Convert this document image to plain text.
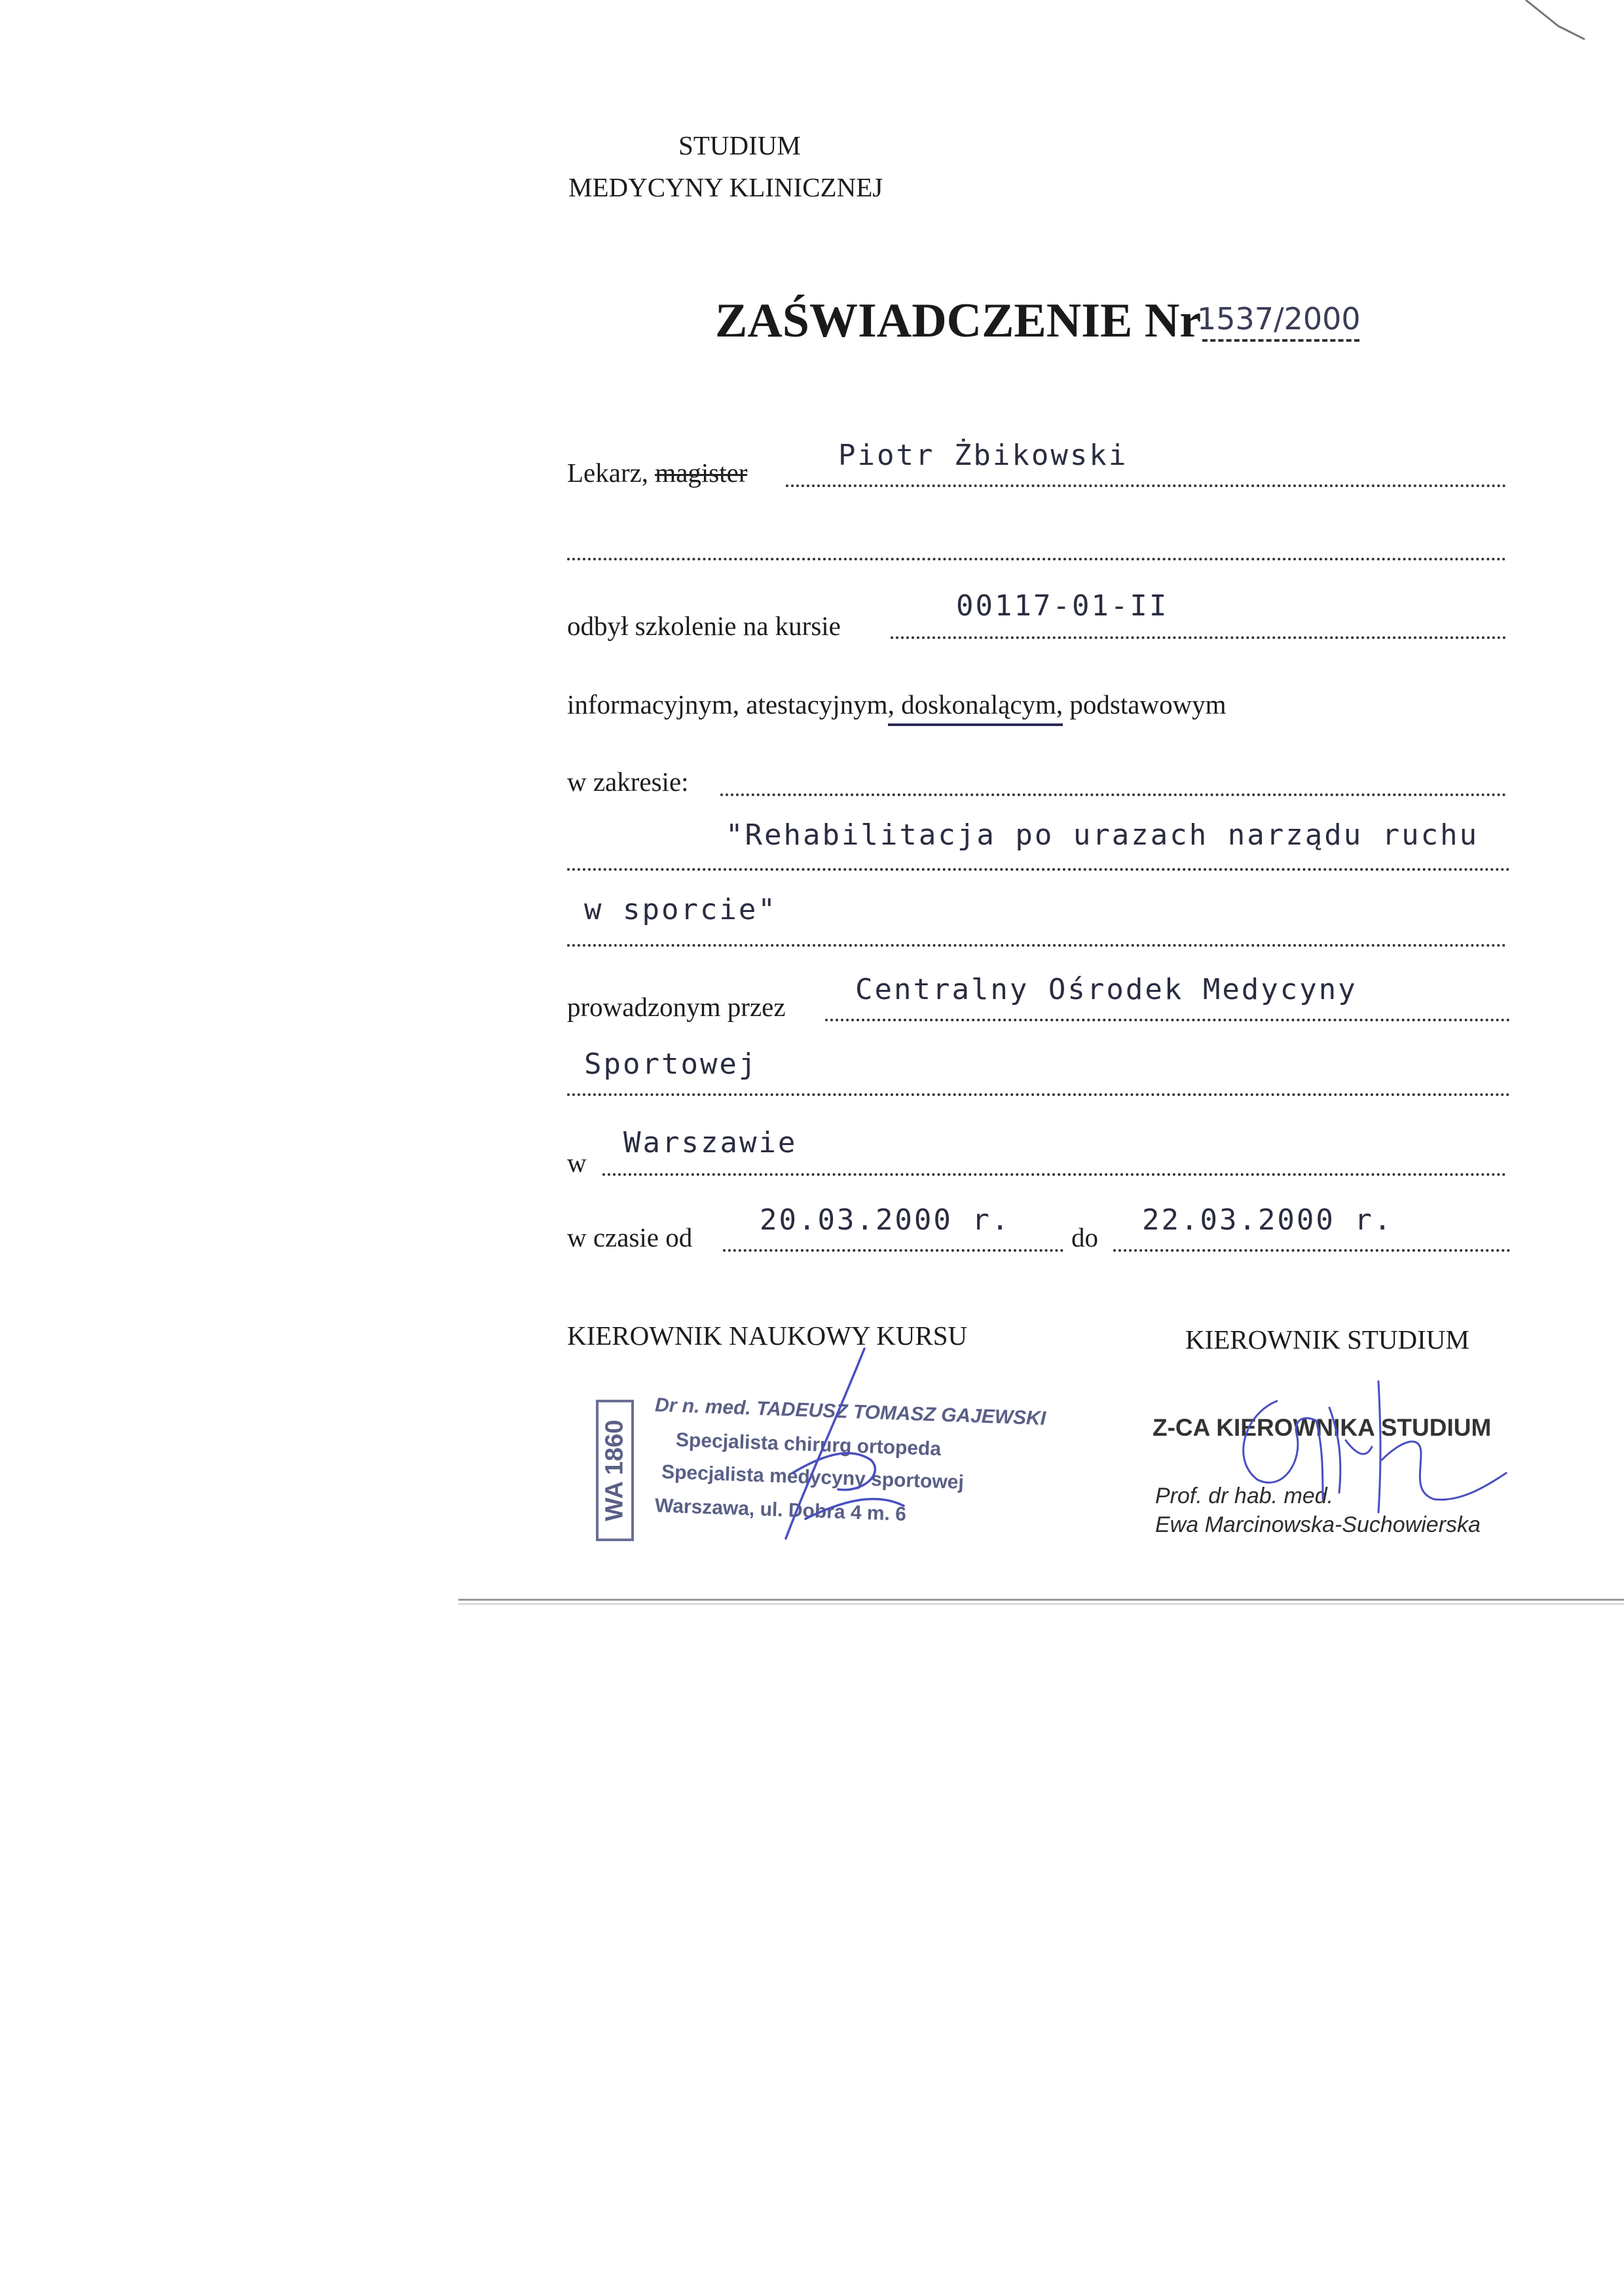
STUDIUM
MEDYCYNY KLINICZNEJ
ZAŚWIADCZENIE Nr
1537/2000
Lekarz, magister
Piotr Żbikowski
odbył szkolenie na kursie
00117-01-II
informacyjnym, atestacyjnym, doskonalącym, podstawowym
w zakresie:
"Rehabilitacja po urazach narządu ruchu
w sporcie"
prowadzonym przez
Centralny Ośrodek Medycyny
Sportowej
w
Warszawie
w czasie od
20.03.2000 r.
do
22.03.2000 r.
KIEROWNIK NAUKOWY KURSU	KIEROWNIK STUDIUM
WA 1860
Dr n. med. TADEUSZ TOMASZ GAJEWSKI
Specjalista chirurg ortopeda
Specjalista medycyny sportowej
Warszawa, ul. Dobra 4 m. 6
Z-CA KIEROWNIKA STUDIUM
Prof. dr hab. med.
Ewa Marcinowska-Suchowierska
